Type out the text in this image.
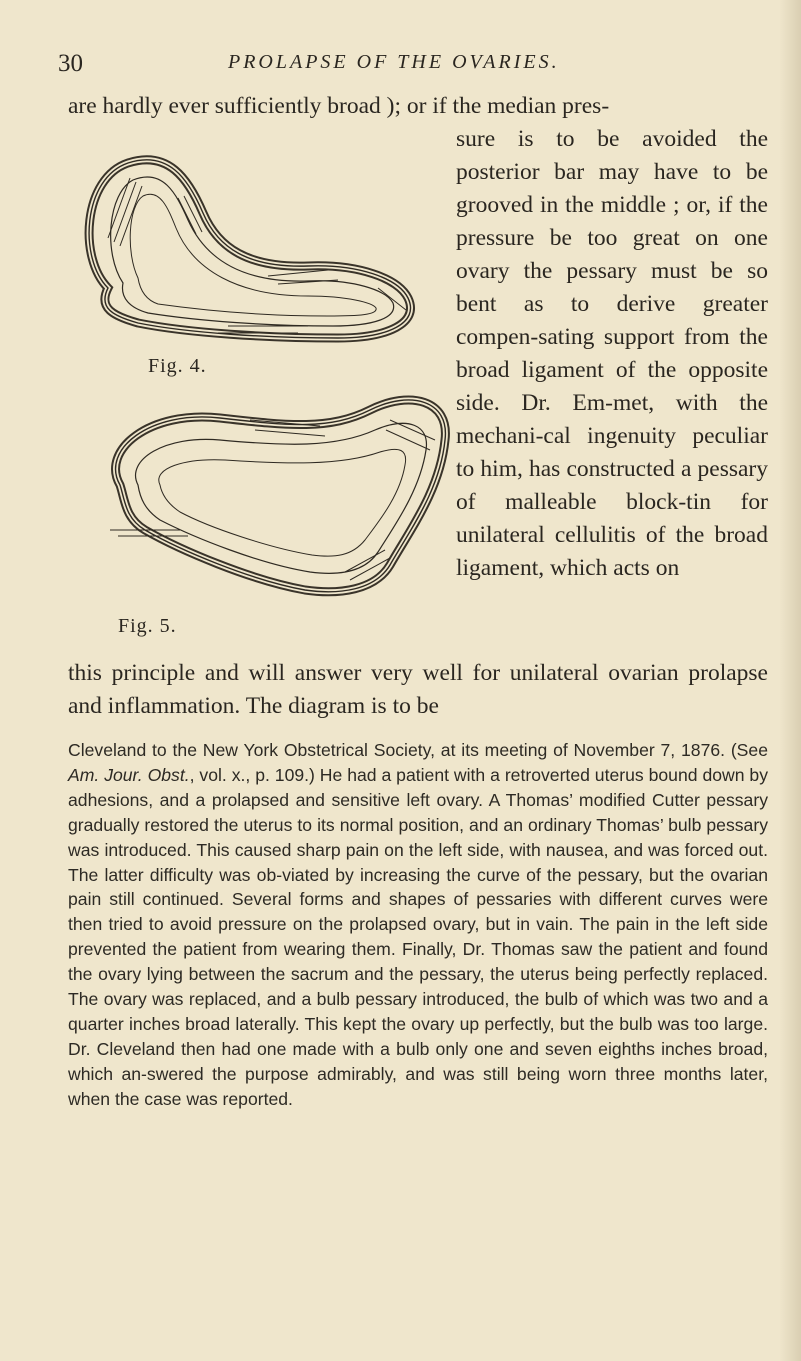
30	PROLAPSE OF THE OVARIES.
are hardly ever sufficiently broad ); or if the median pres-
Fig. 4.
Fig. 5.
sure is to be avoided the posterior bar may have to be grooved in the middle ; or, if the pressure be too great on one ovary the pessary must be so bent as to derive greater compen-sating support from the broad ligament of the opposite side. Dr. Em-met, with the mechani-cal ingenuity peculiar to him, has constructed a pessary of malleable block-tin for unilateral cellulitis of the broad ligament, which acts on
this principle and will answer very well for unilateral ovarian prolapse and inflammation. The diagram is to be
Cleveland to the New York Obstetrical Society, at its meeting of November 7, 1876. (See Am. Jour. Obst., vol. x., p. 109.) He had a patient with a retroverted uterus bound down by adhesions, and a prolapsed and sensitive left ovary. A Thomas’ modified Cutter pessary gradually restored the uterus to its normal position, and an ordinary Thomas’ bulb pessary was introduced. This caused sharp pain on the left side, with nausea, and was forced out. The latter difficulty was ob-viated by increasing the curve of the pessary, but the ovarian pain still continued. Several forms and shapes of pessaries with different curves were then tried to avoid pressure on the prolapsed ovary, but in vain. The pain in the left side prevented the patient from wearing them. Finally, Dr. Thomas saw the patient and found the ovary lying between the sacrum and the pessary, the uterus being perfectly replaced. The ovary was replaced, and a bulb pessary introduced, the bulb of which was two and a quarter inches broad laterally. This kept the ovary up perfectly, but the bulb was too large. Dr. Cleveland then had one made with a bulb only one and seven eighths inches broad, which an-swered the purpose admirably, and was still being worn three months later, when the case was reported.
